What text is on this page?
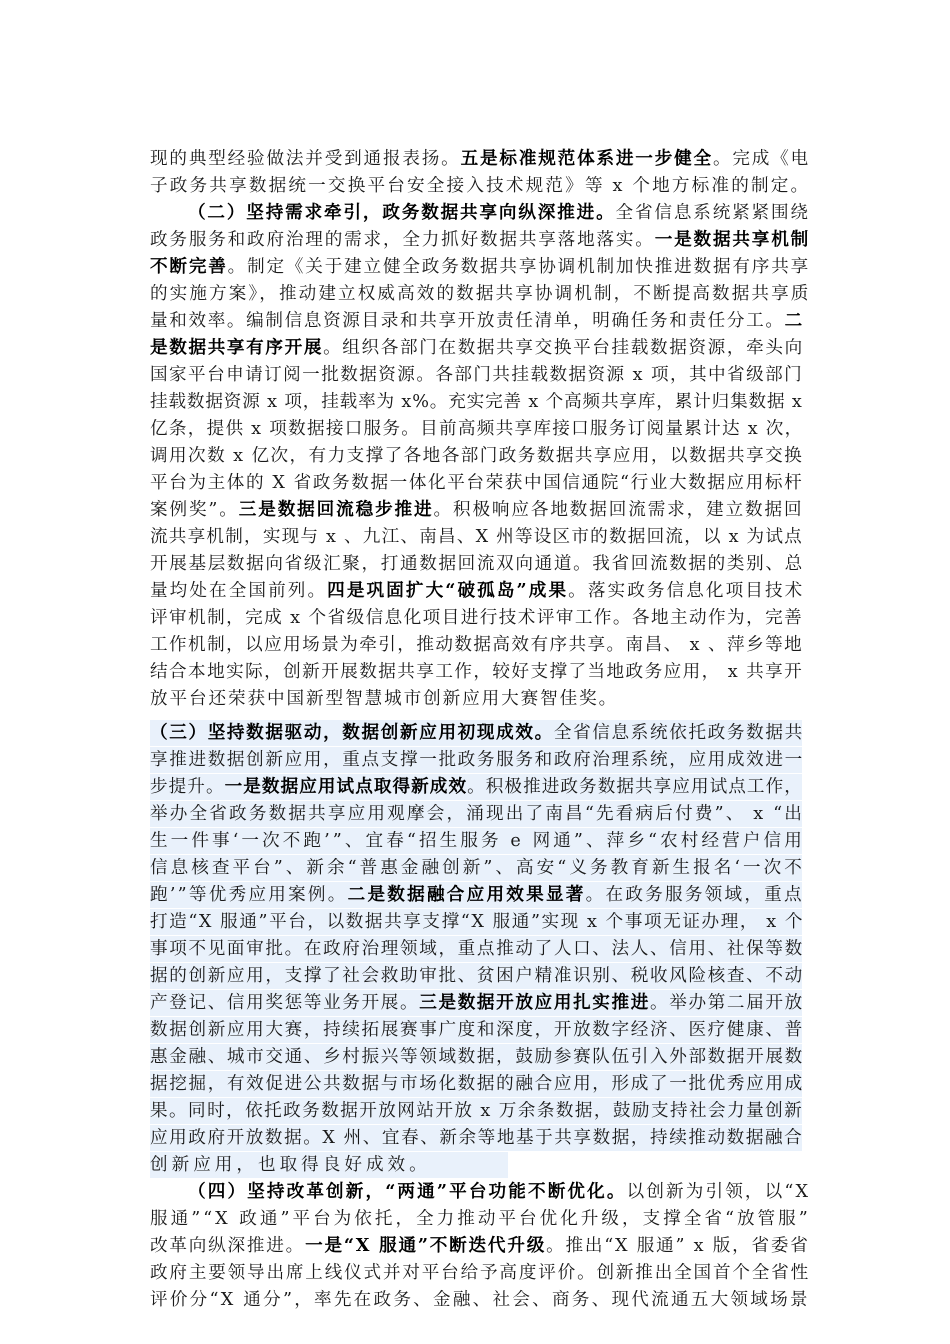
现的典型经验做法并受到通报表扬。五是标准规范体系进一步健全。完成《电
子政务共享数据统一交换平台安全接入技术规范》等 x 个地方标准的制定。
（二）坚持需求牵引，政务数据共享向纵深推进。全省信息系统紧紧围绕
政务服务和政府治理的需求，全力抓好数据共享落地落实。一是数据共享机制
不断完善。制定《关于建立健全政务数据共享协调机制加快推进数据有序共享
的实施方案》，推动建立权威高效的数据共享协调机制，不断提高数据共享质
量和效率。编制信息资源目录和共享开放责任清单，明确任务和责任分工。二
是数据共享有序开展。组织各部门在数据共享交换平台挂载数据资源，牵头向
国家平台申请订阅一批数据资源。各部门共挂载数据资源 x 项，其中省级部门
挂载数据资源 x 项，挂载率为 x%。充实完善 x 个高频共享库，累计归集数据 x
亿条，提供 x 项数据接口服务。目前高频共享库接口服务订阅量累计达 x 次，
调用次数 x 亿次，有力支撑了各地各部门政务数据共享应用，以数据共享交换
平台为主体的 X 省政务数据一体化平台荣获中国信通院“行业大数据应用标杆
案例奖”。三是数据回流稳步推进。积极响应各地数据回流需求，建立数据回
流共享机制，实现与 x 、九江、南昌、X 州等设区市的数据回流，以 x 为试点
开展基层数据向省级汇聚，打通数据回流双向通道。我省回流数据的类别、总
量均处在全国前列。四是巩固扩大“破孤岛”成果。落实政务信息化项目技术
评审机制，完成 x 个省级信息化项目进行技术评审工作。各地主动作为，完善
工作机制，以应用场景为牵引，推动数据高效有序共享。南昌、 x 、萍乡等地
结合本地实际，创新开展数据共享工作，较好支撑了当地政务应用， x 共享开
放平台还荣获中国新型智慧城市创新应用大赛智佳奖。
（三）坚持数据驱动，数据创新应用初现成效。全省信息系统依托政务数据共
享推进数据创新应用，重点支撑一批政务服务和政府治理系统，应用成效进一
步提升。一是数据应用试点取得新成效。积极推进政务数据共享应用试点工作，
举办全省政务数据共享应用观摩会，涌现出了南昌“先看病后付费”、 x “出
生一件事‘一次不跑’”、宜春“招生服务 e 网通”、萍乡“农村经营户信用
信息核查平台”、新余“普惠金融创新”、高安“义务教育新生报名‘一次不
跑’”等优秀应用案例。二是数据融合应用效果显著。在政务服务领域，重点
打造“X 服通”平台，以数据共享支撑“X 服通”实现 x 个事项无证办理， x 个
事项不见面审批。在政府治理领域，重点推动了人口、法人、信用、社保等数
据的创新应用，支撑了社会救助审批、贫困户精准识别、税收风险核查、不动
产登记、信用奖惩等业务开展。三是数据开放应用扎实推进。举办第二届开放
数据创新应用大赛，持续拓展赛事广度和深度，开放数字经济、医疗健康、普
惠金融、城市交通、乡村振兴等领域数据，鼓励参赛队伍引入外部数据开展数
据挖掘，有效促进公共数据与市场化数据的融合应用，形成了一批优秀应用成
果。同时，依托政务数据开放网站开放 x 万余条数据，鼓励支持社会力量创新
应用政府开放数据。X 州、宜春、新余等地基于共享数据，持续推动数据融合
创新应用，也取得良好成效。
（四）坚持改革创新，“两通”平台功能不断优化。以创新为引领，以“X
服通”“X 政通”平台为依托，全力推动平台优化升级，支撑全省“放管服”
改革向纵深推进。一是“X 服通”不断迭代升级。推出“X 服通” x 版，省委省
政府主要领导出席上线仪式并对平台给予高度评价。创新推出全国首个全省性
评价分“X 通分”，率先在政务、金融、社会、商务、现代流通五大领域场景
